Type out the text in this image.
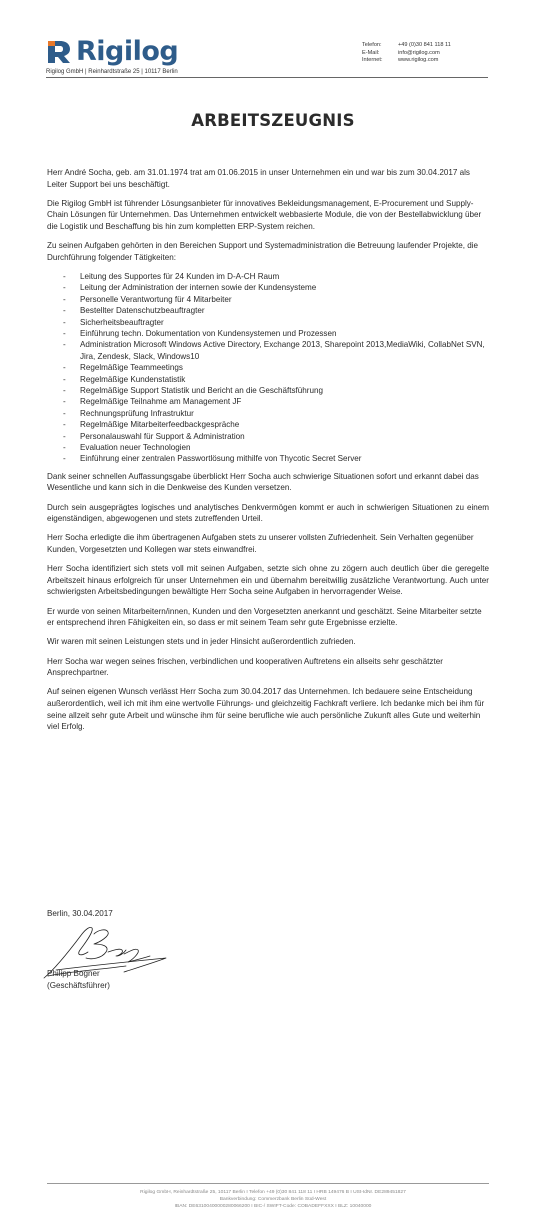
Rigilog
Rigilog GmbH | Reinhardtstraße 25 | 10117 Berlin
Telefon:	+49 (0)30 841 118 11
E-Mail:	info@rigilog.com
Internet:	www.rigilog.com
ARBEITSZEUGNIS

Herr André Socha, geb. am 31.01.1974 trat am 01.06.2015 in unser Unternehmen ein und war bis zum 30.04.2017 als Leiter Support bei uns beschäftigt.

Die Rigilog GmbH ist führender Lösungsanbieter für innovatives Bekleidungsmanagement, E-Procurement und Supply-Chain Lösungen für Unternehmen. Das Unternehmen entwickelt webbasierte Module, die von der Bestellabwicklung über die Logistik und Beschaffung bis hin zum kompletten ERP-System reichen.

Zu seinen Aufgaben gehörten in den Bereichen Support und Systemadministration die Betreuung laufender Projekte, die Durchführung folgender Tätigkeiten:

- Leitung des Supportes für 24 Kunden im D-A-CH Raum
- Leitung der Administration der internen sowie der Kundensysteme
- Personelle Verantwortung für 4 Mitarbeiter
- Bestellter Datenschutzbeauftragter
- Sicherheitsbeauftragter
- Einführung techn. Dokumentation von Kundensystemen und Prozessen
- Administration Microsoft Windows Active Directory, Exchange 2013, Sharepoint 2013,MediaWiki, CollabNet SVN, Jira, Zendesk, Slack, Windows10
- Regelmäßige Teammeetings
- Regelmäßige Kundenstatistik
- Regelmäßige Support Statistik und Bericht an die Geschäftsführung
- Regelmäßige Teilnahme am Management JF
- Rechnungsprüfung Infrastruktur
- Regelmäßige Mitarbeiterfeedbackgespräche
- Personalauswahl für Support & Administration
- Evaluation neuer Technologien
- Einführung einer zentralen Passwortlösung mithilfe von Thycotic Secret Server

Dank seiner schnellen Auffassungsgabe überblickt Herr Socha auch schwierige Situationen sofort und erkannt dabei das Wesentliche und kann sich in die Denkweise des Kunden versetzen.

Durch sein ausgeprägtes logisches und analytisches Denkvermögen kommt er auch in schwierigen Situationen zu einem eigenständigen, abgewogenen und stets zutreffenden Urteil.

Herr Socha erledigte die ihm übertragenen Aufgaben stets zu unserer vollsten Zufriedenheit. Sein Verhalten gegenüber Kunden, Vorgesetzten und Kollegen war stets einwandfrei.

Herr Socha identifiziert sich stets voll mit seinen Aufgaben, setzte sich ohne zu zögern auch deutlich über die geregelte Arbeitszeit hinaus erfolgreich für unser Unternehmen ein und übernahm bereitwillig zusätzliche Verantwortung. Auch unter schwierigsten Arbeitsbedingungen bewältigte Herr Socha seine Aufgaben in hervorragender Weise.

Er wurde von seinen Mitarbeitern/innen, Kunden und den Vorgesetzten anerkannt und geschätzt. Seine Mitarbeiter setzte er entsprechend ihren Fähigkeiten ein, so dass er mit seinem Team sehr gute Ergebnisse erzielte.

Wir waren mit seinen Leistungen stets und in jeder Hinsicht außerordentlich zufrieden.

Herr Socha war wegen seines frischen, verbindlichen und kooperativen Auftretens ein allseits sehr geschätzter Ansprechpartner.

Auf seinen eigenen Wunsch verlässt Herr Socha zum 30.04.2017 das Unternehmen. Ich bedauere seine Entscheidung außerordentlich, weil ich mit ihm eine wertvolle Führungs- und gleichzeitig Fachkraft verliere. Ich bedanke mich bei ihm für seine allzeit sehr gute Arbeit und wünsche ihm für seine berufliche wie auch persönliche Zukunft alles Gute und weiterhin viel Erfolg.

Berlin, 30.04.2017
Philipp Bogner
(Geschäftsführer)
Rigilog GmbH, Reinhardtstraße 25, 10117 Berlin I Telefon +49 (0)30 841 118 11 I HRB 149476 B I USt-IdNr. DE289451827
Bankverbindung: Commerzbank Berlin Süd-West
IBAN: DE63100400000280066200 I BIC-/ SWIFT-Code: COBADEFFXXX I BLZ: 10040000
